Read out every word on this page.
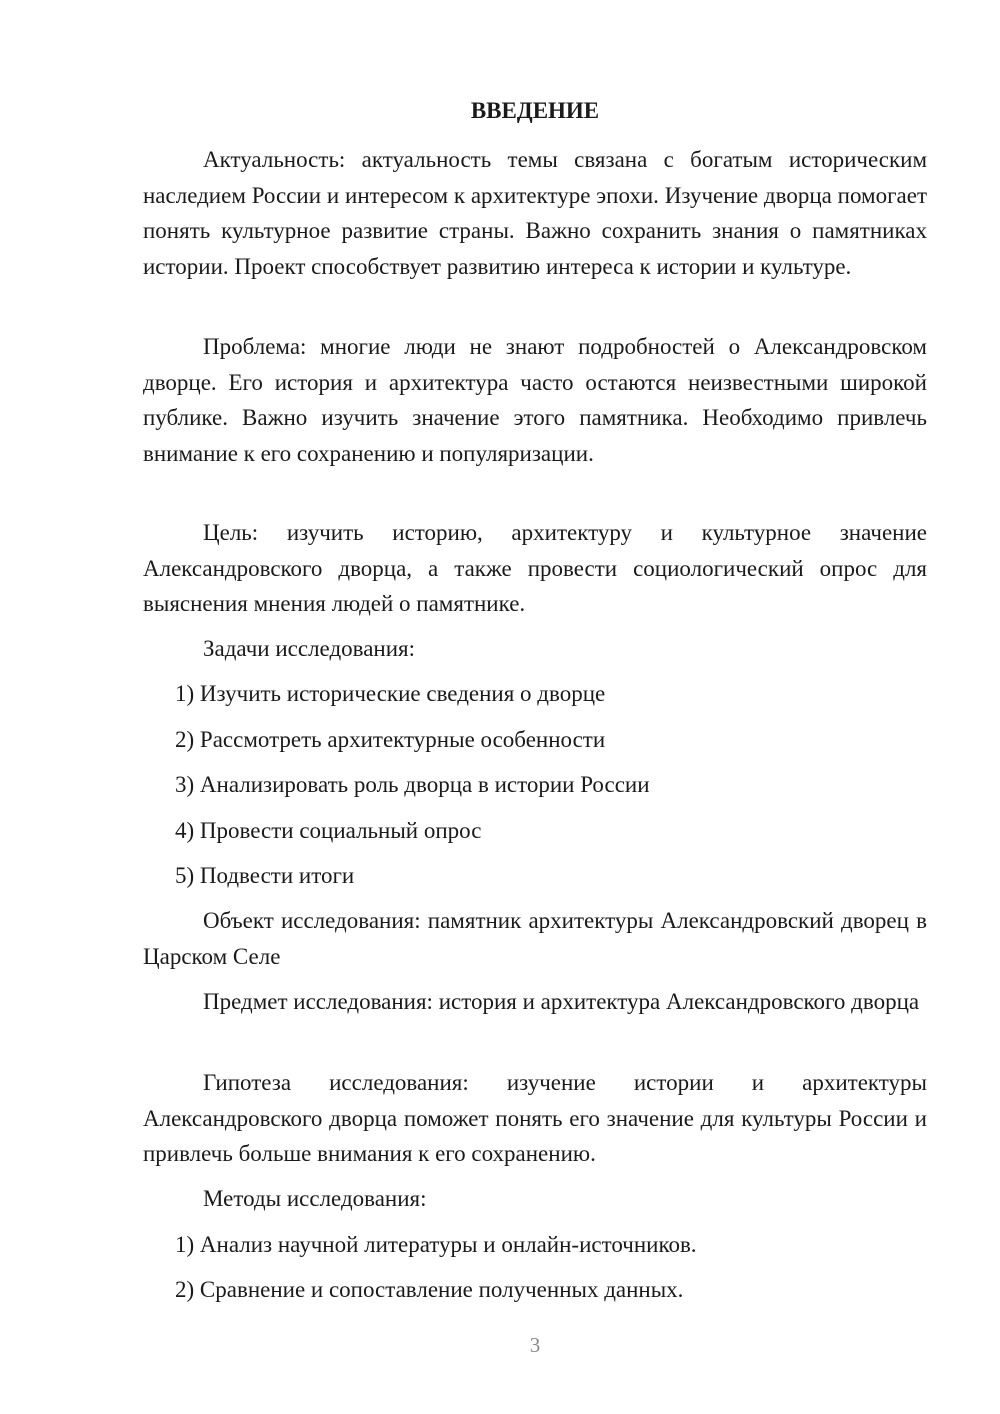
ВВЕДЕНИЕ

Актуальность: актуальность темы связана с богатым историческим наследием России и интересом к архитектуре эпохи. Изучение дворца помогает понять культурное развитие страны. Важно сохранить знания о памятниках истории. Проект способствует развитию интереса к истории и культуре.

Проблема: многие люди не знают подробностей о Александровском дворце. Его история и архитектура часто остаются неизвестными широкой публике. Важно изучить значение этого памятника. Необходимо привлечь внимание к его сохранению и популяризации.

Цель: изучить историю, архитектуру и культурное значение Александровского дворца, а также провести социологический опрос для выяснения мнения людей о памятнике.

Задачи исследования:

1) Изучить исторические сведения о дворце

2) Рассмотреть архитектурные особенности

3) Анализировать роль дворца в истории России

4) Провести социальный опрос

5) Подвести итоги

Объект исследования: памятник архитектуры Александровский дворец в Царском Селе

Предмет исследования: история и архитектура Александровского дворца

Гипотеза исследования: изучение истории и архитектуры Александровского дворца поможет понять его значение для культуры России и привлечь больше внимания к его сохранению.

Методы исследования:

1) Анализ научной литературы и онлайн-источников.

2) Сравнение и сопоставление полученных данных.

3
